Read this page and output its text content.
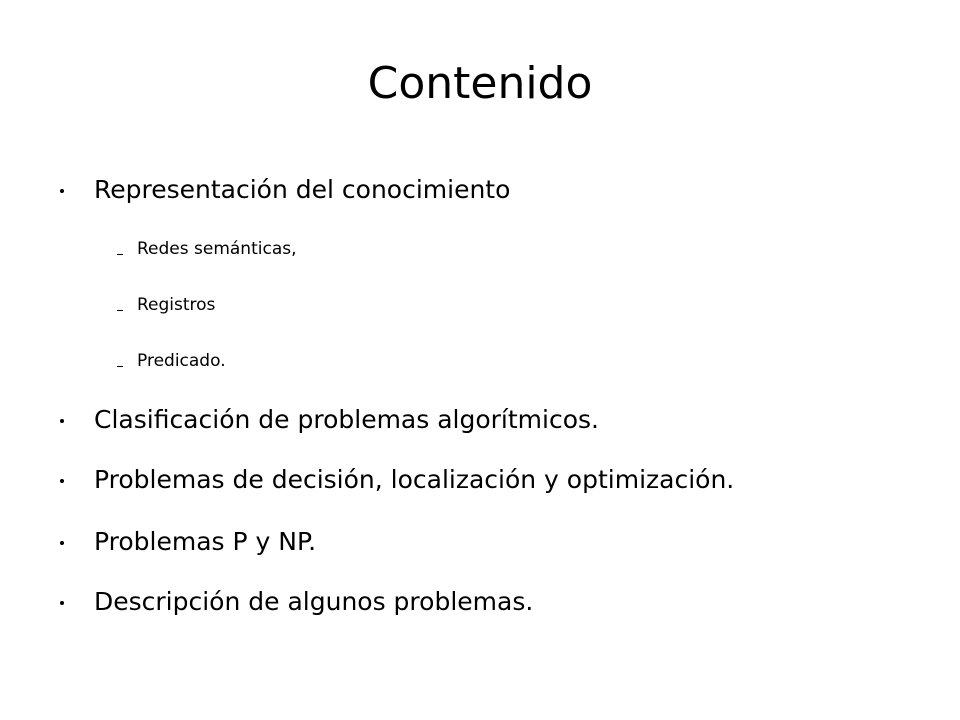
Contenido
Representación del conocimiento
Redes semánticas,
Registros
Predicado.
Clasificación de problemas algorítmicos.
Problemas de decisión, localización y optimización.
Problemas P y NP.
Descripción de algunos problemas.
